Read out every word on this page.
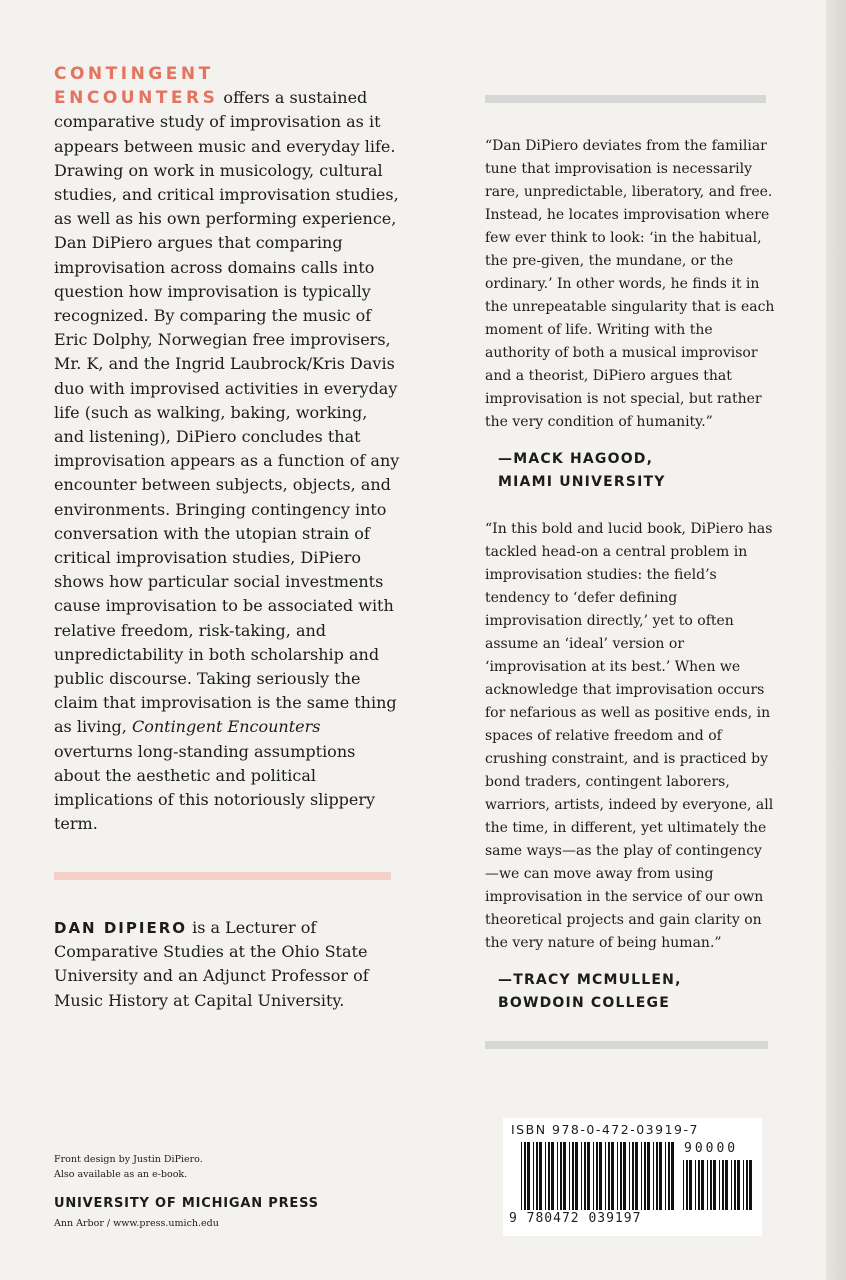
CONTINGENT
ENCOUNTERS offers a sustained comparative study of improvisation as it appears between music and everyday life. Drawing on work in musicology, cultural studies, and critical improvisation studies, as well as his own performing experience, Dan DiPiero argues that comparing improvisation across domains calls into question how improvisation is typically recognized. By comparing the music of Eric Dolphy, Norwegian free improvisers, Mr. K, and the Ingrid Laubrock/Kris Davis duo with improvised activities in everyday life (such as walking, baking, working, and listening), DiPiero concludes that improvisation appears as a function of any encounter between subjects, objects, and environments. Bringing contingency into conversation with the utopian strain of critical improvisation studies, DiPiero shows how particular social investments cause improvisation to be associated with relative freedom, risk-taking, and unpredictability in both scholarship and public discourse. Taking seriously the claim that improvisation is the same thing as living, Contingent Encounters overturns long-standing assumptions about the aesthetic and political implications of this notoriously slippery term.

DAN DIPIERO is a Lecturer of Comparative Studies at the Ohio State University and an Adjunct Professor of Music History at Capital University.

Front design by Justin DiPiero.
Also available as an e-book.
UNIVERSITY OF MICHIGAN PRESS
Ann Arbor / www.press.umich.edu

“Dan DiPiero deviates from the familiar tune that improvisation is necessarily rare, unpredictable, liberatory, and free. Instead, he locates improvisation where few ever think to look: ‘in the habitual, the pre-given, the mundane, or the ordinary.’ In other words, he finds it in the unrepeatable singularity that is each moment of life. Writing with the authority of both a musical improvisor and a theorist, DiPiero argues that improvisation is not special, but rather the very condition of humanity.”

—MACK HAGOOD,
MIAMI UNIVERSITY

“In this bold and lucid book, DiPiero has tackled head-on a central problem in improvisation studies: the field’s tendency to ‘defer defining improvisation directly,’ yet to often assume an ‘ideal’ version or ‘improvisation at its best.’ When we acknowledge that improvisation occurs for nefarious as well as positive ends, in spaces of relative freedom and of crushing constraint, and is practiced by bond traders, contingent laborers, warriors, artists, indeed by everyone, all the time, in different, yet ultimately the same ways—as the play of contingency—we can move away from using improvisation in the service of our own theoretical projects and gain clarity on the very nature of being human.”

—TRACY MCMULLEN,
BOWDOIN COLLEGE
ISBN 978-0-472-03919-7
9 780472 039197
90000
